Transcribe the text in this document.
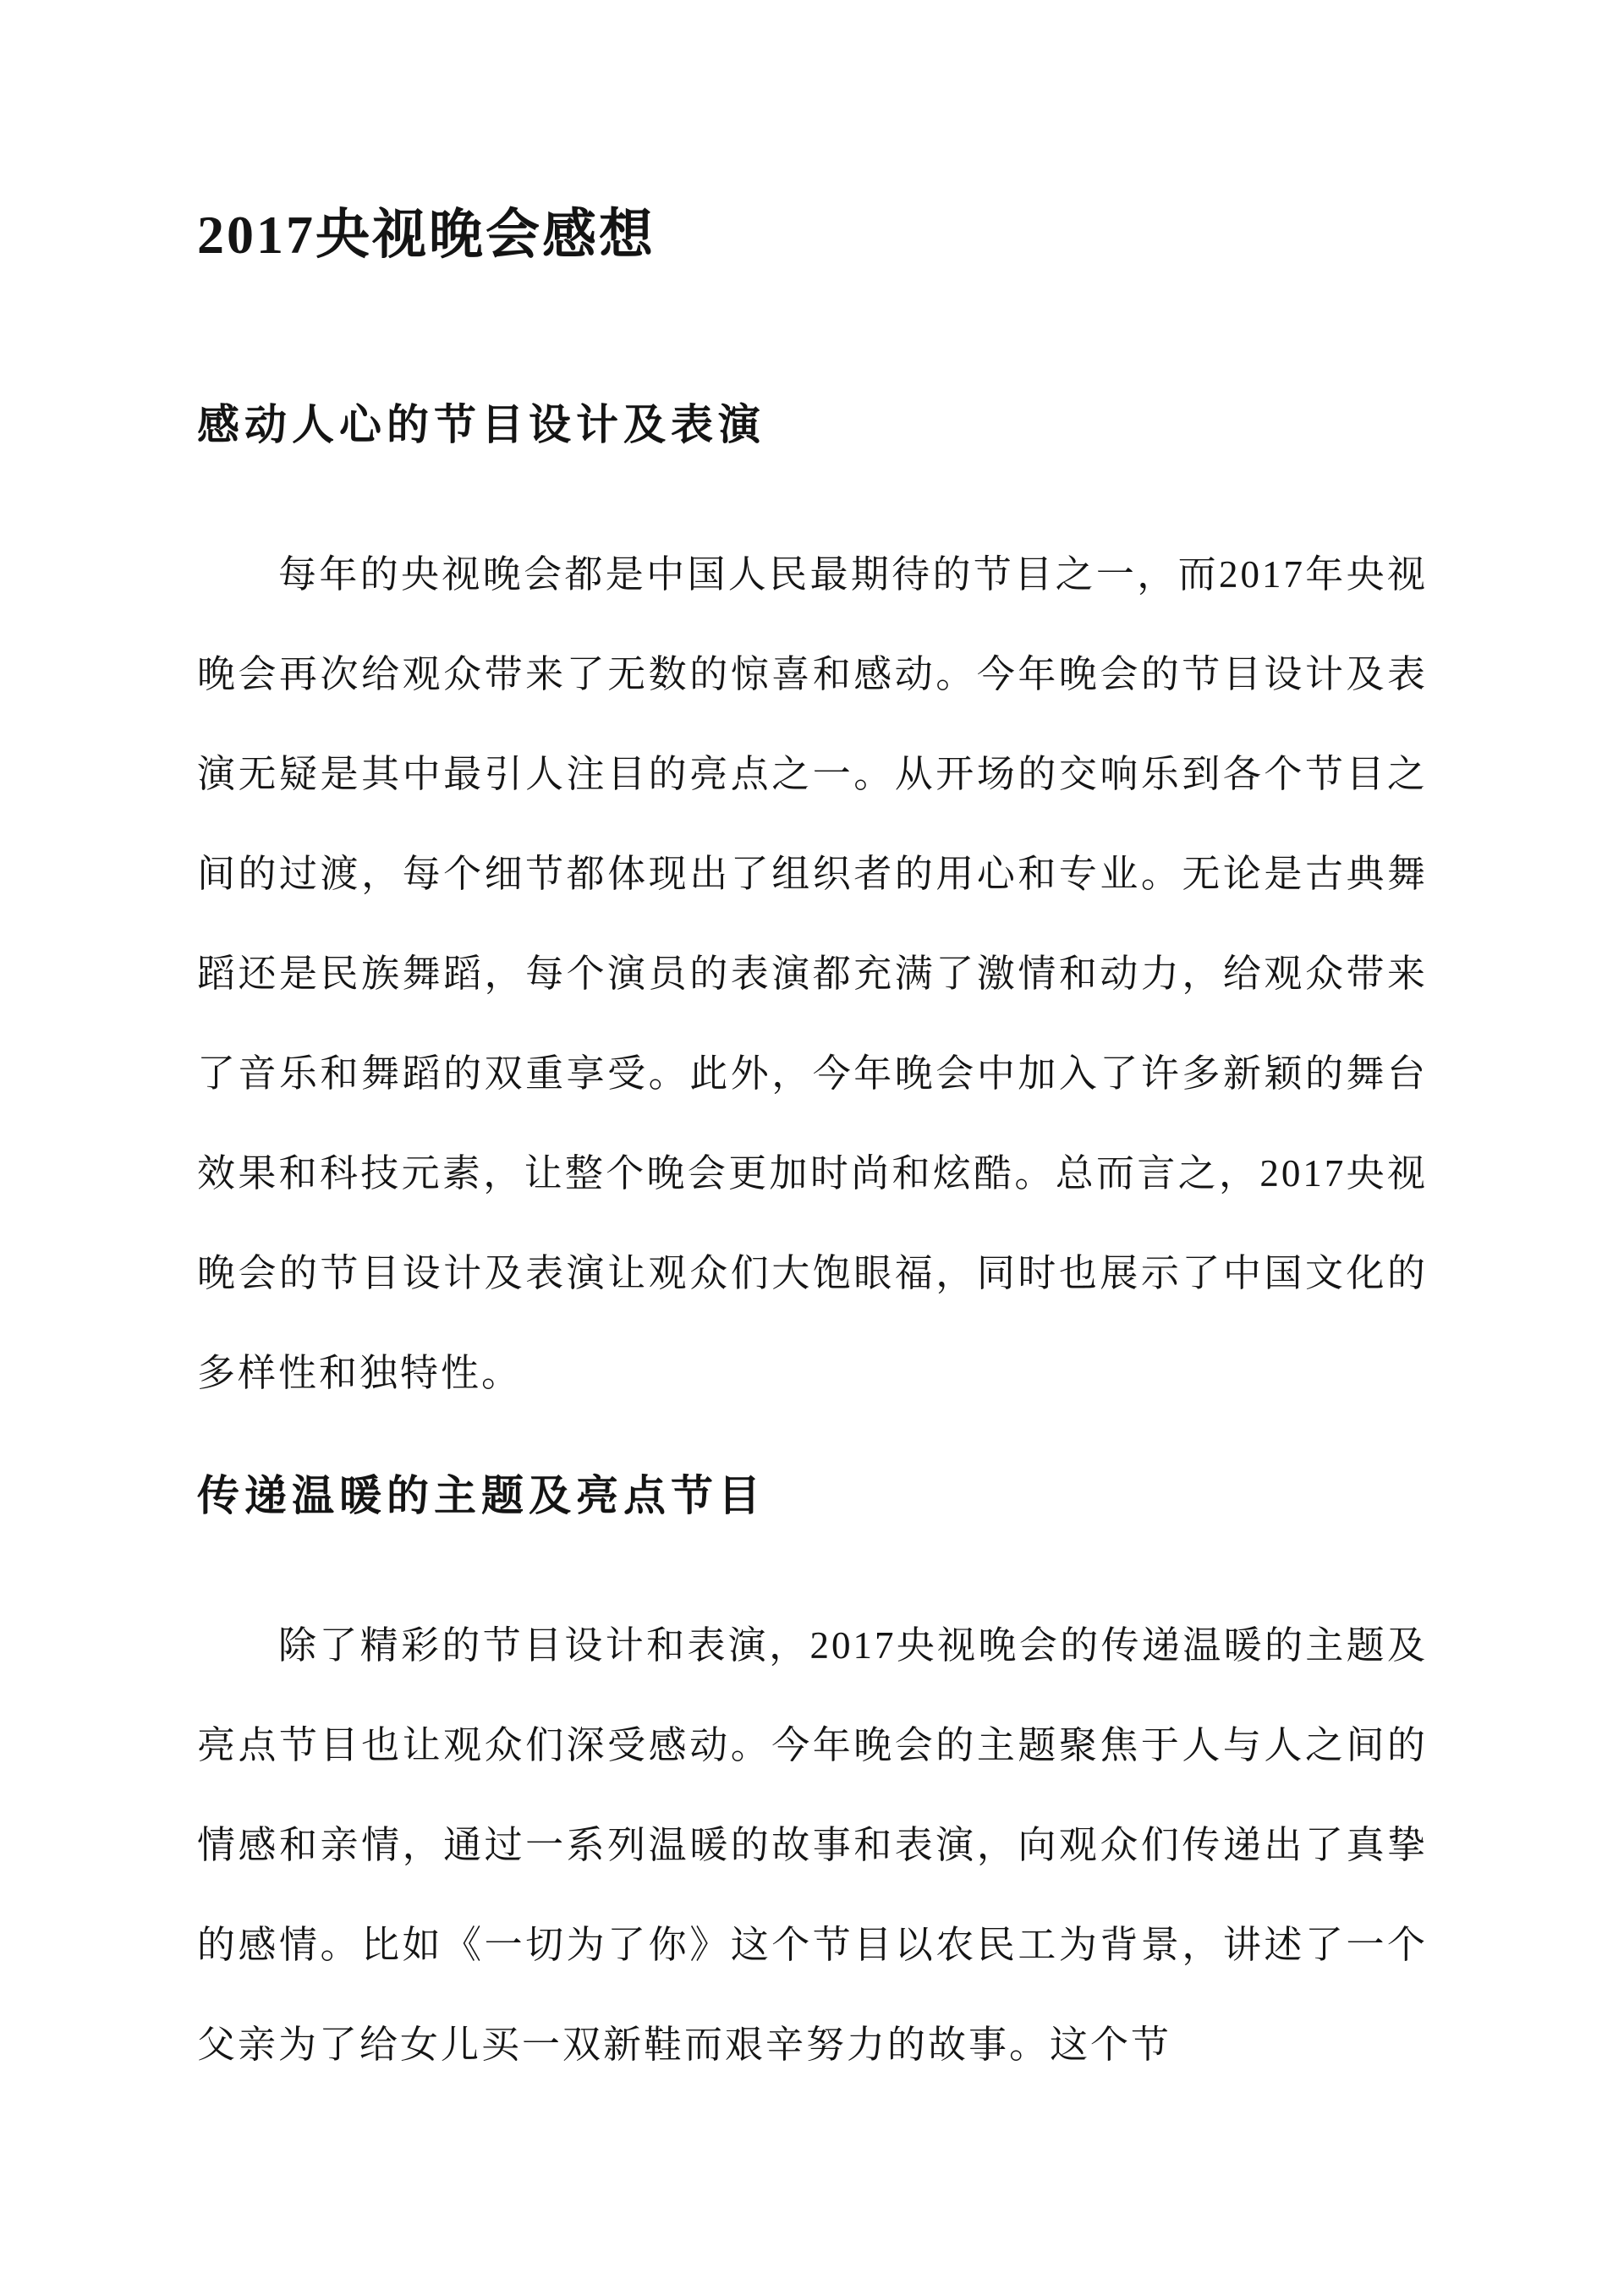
2017央视晚会感想
感动人心的节目设计及表演

每年的央视晚会都是中国人民最期待的节目之一，而2017年央视晚会再次给观众带来了无数的惊喜和感动。今年晚会的节目设计及表演无疑是其中最引人注目的亮点之一。从开场的交响乐到各个节目之间的过渡，每个细节都体现出了组织者的用心和专业。无论是古典舞蹈还是民族舞蹈，每个演员的表演都充满了激情和动力，给观众带来了音乐和舞蹈的双重享受。此外，今年晚会中加入了许多新颖的舞台效果和科技元素，让整个晚会更加时尚和炫酷。总而言之，2017央视晚会的节目设计及表演让观众们大饱眼福，同时也展示了中国文化的多样性和独特性。

传递温暖的主题及亮点节目

除了精彩的节目设计和表演，2017央视晚会的传递温暖的主题及亮点节目也让观众们深受感动。今年晚会的主题聚焦于人与人之间的情感和亲情，通过一系列温暖的故事和表演，向观众们传递出了真挚的感情。比如《一切为了你》这个节目以农民工为背景，讲述了一个父亲为了给女儿买一双新鞋而艰辛努力的故事。这个节
